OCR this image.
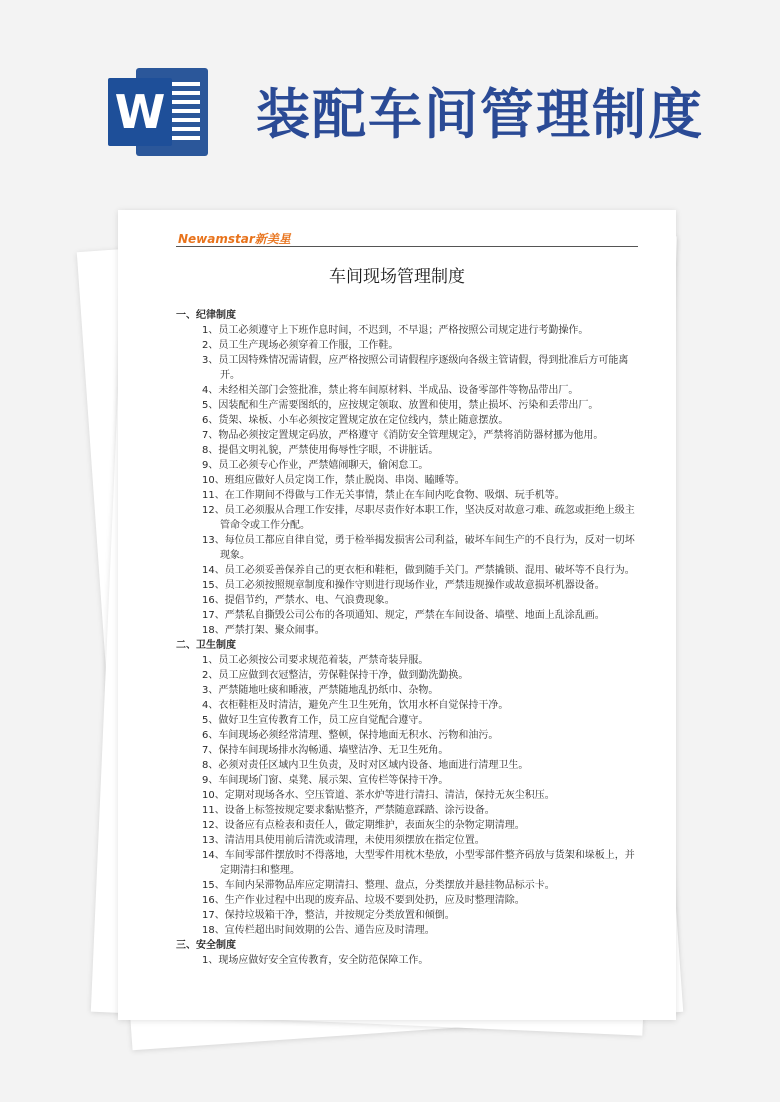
W 装配车间管理制度
Newamstar新美星
车间现场管理制度

一、纪律制度

1、员工必须遵守上下班作息时间，不迟到，不早退；严格按照公司规定进行考勤操作。

2、员工生产现场必须穿着工作服，工作鞋。

3、员工因特殊情况需请假，应严格按照公司请假程序逐级向各级主管请假，得到批准后方可能离开。

4、未经相关部门会签批准，禁止将车间原材料、半成品、设备零部件等物品带出厂。

5、因装配和生产需要图纸的，应按规定领取、放置和使用，禁止损坏、污染和丢带出厂。

6、货架、垛板、小车必须按定置规定放在定位线内，禁止随意摆放。

7、物品必须按定置规定码放，严格遵守《消防安全管理规定》，严禁将消防器材挪为他用。

8、提倡文明礼貌，严禁使用侮辱性字眼，不讲脏话。

9、员工必须专心作业，严禁嬉闹聊天，偷闲怠工。

10、班组应做好人员定岗工作，禁止脱岗、串岗、瞌睡等。

11、在工作期间不得做与工作无关事情，禁止在车间内吃食物、吸烟、玩手机等。

12、员工必须服从合理工作安排，尽职尽责作好本职工作，坚决反对故意刁难、疏忽或拒绝上级主管命令或工作分配。

13、每位员工都应自律自觉，勇于检举揭发损害公司利益，破坏车间生产的不良行为，反对一切坏现象。

14、员工必须妥善保养自己的更衣柜和鞋柜，做到随手关门。严禁撬锁、混用、破坏等不良行为。

15、员工必须按照规章制度和操作守则进行现场作业，严禁违规操作或故意损坏机器设备。

16、提倡节约，严禁水、电、气浪费现象。

17、严禁私自撕毁公司公布的各项通知、规定，严禁在车间设备、墙壁、地面上乱涂乱画。

18、严禁打架、聚众闹事。

二、卫生制度

1、员工必须按公司要求规范着装，严禁奇装异服。

2、员工应做到衣冠整洁，劳保鞋保持干净，做到勤洗勤换。

3、严禁随地吐痰和睡液，严禁随地乱扔纸巾、杂物。

4、衣柜鞋柜及时清洁，避免产生卫生死角，饮用水杯自觉保持干净。

5、做好卫生宣传教育工作，员工应自觉配合遵守。

6、车间现场必须经常清理、整顿，保持地面无积水、污物和油污。

7、保持车间现场排水沟畅通、墙壁洁净、无卫生死角。

8、必须对责任区域内卫生负责，及时对区域内设备、地面进行清理卫生。

9、车间现场门窗、桌凳、展示架、宣传栏等保持干净。

10、定期对现场各水、空压管道、茶水炉等进行清扫、清洁，保持无灰尘积压。

11、设备上标签按规定要求黏贴整齐，严禁随意踩踏、涂污设备。

12、设备应有点检表和责任人，做定期维护，表面灰尘的杂物定期清理。

13、清洁用具使用前后清洗或清理，未使用须摆放在指定位置。

14、车间零部件摆放时不得落地，大型零件用枕木垫放，小型零部件整齐码放与货架和垛板上，并定期清扫和整理。

15、车间内呆滞物品库应定期清扫、整理、盘点，分类摆放并悬挂物品标示卡。

16、生产作业过程中出现的废弃品、垃圾不要到处扔，应及时整理清除。

17、保持垃圾箱干净，整洁，并按规定分类放置和倾倒。

18、宣传栏超出时间效期的公告、通告应及时清理。

三、安全制度

1、现场应做好安全宣传教育，安全防范保障工作。
